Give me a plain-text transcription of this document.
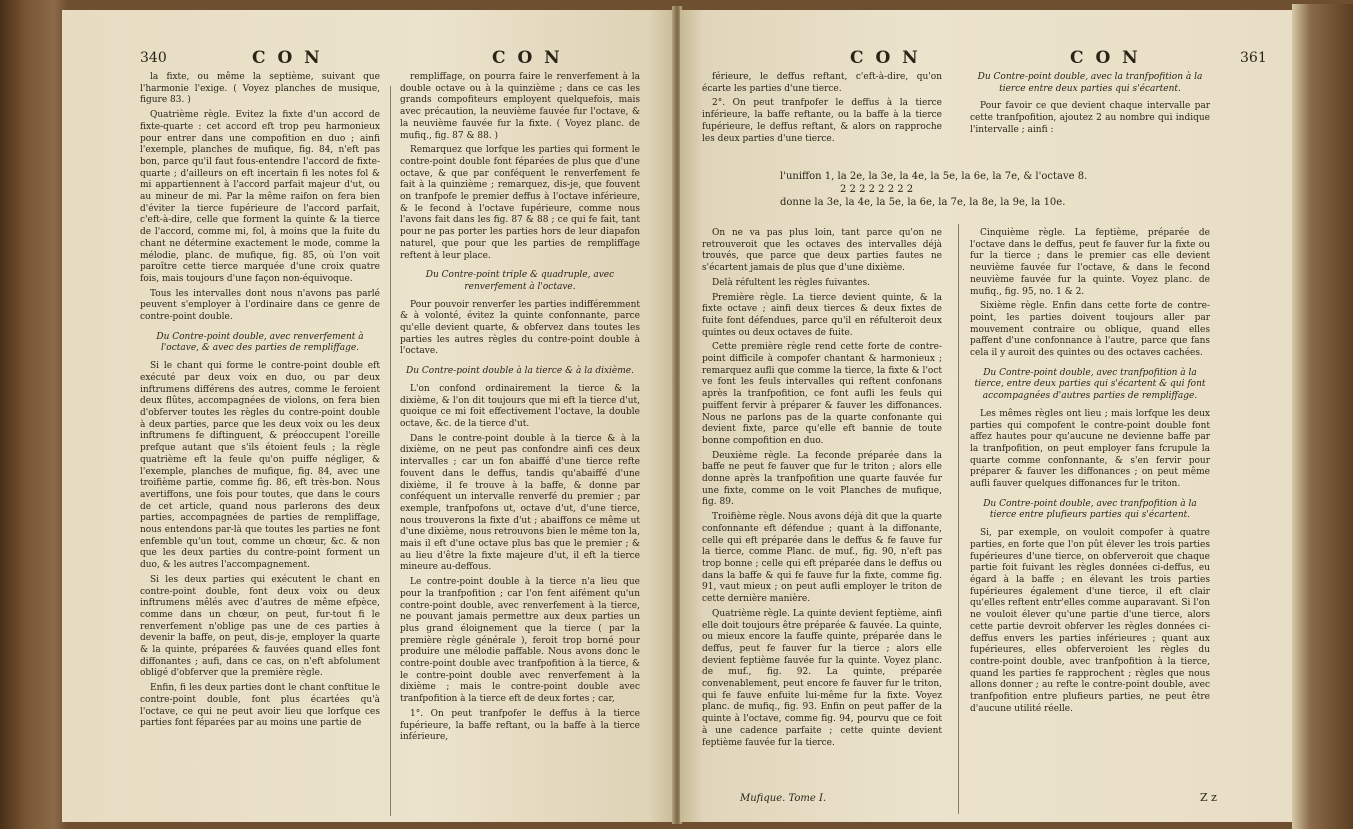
340	C O N	C O N

la fixte, ou même la septième, suivant que l'harmonie l'exige. ( Voyez planches de musique, figure 83. )

Quatrième règle. Evitez la fixte d'un accord de fixte-quarte : cet accord eft trop peu harmonieux pour entrer dans une compofition en duo ; ainfi l'exemple, planches de mufique, fig. 84, n'eft pas bon, parce qu'il faut fous-entendre l'accord de fixte-quarte ; d'ailleurs on eft incertain fi les notes fol & mi appartiennent à l'accord parfait majeur d'ut, ou au mineur de mi. Par la même raifon on fera bien d'éviter la tierce fupérieure de l'accord parfait, c'eft-à-dire, celle que forment la quinte & la tierce de l'accord, comme mi, fol, à moins que la fuite du chant ne détermine exactement le mode, comme la mélodie, planc. de mufique, fig. 85, où l'on voit paroître cette tierce marquée d'une croix quatre fois, mais toujours d'une façon non-équivoque.

Tous les intervalles dont nous n'avons pas parlé peuvent s'employer à l'ordinaire dans ce genre de contre-point double.

Du Contre-point double, avec renverfement à l'octave, & avec des parties de rempliffage.

Si le chant qui forme le contre-point double eft exécuté par deux voix en duo, ou par deux inftrumens différens des autres, comme le feroient deux flûtes, accompagnées de violons, on fera bien d'obferver toutes les règles du contre-point double à deux parties, parce que les deux voix ou les deux inftrumens fe diftinguent, & préoccupent l'oreille prefque autant que s'ils étoient feuls ; la règle quatrième eft la feule qu'on puiffe négliger, & l'exemple, planches de mufique, fig. 84, avec une troifième partie, comme fig. 86, eft très-bon. Nous avertiffons, une fois pour toutes, que dans le cours de cet article, quand nous parlerons des deux parties, accompagnées de parties de rempliffage, nous entendons par-là que toutes les parties ne font enfemble qu'un tout, comme un chœur, &c. & non que les deux parties du contre-point forment un duo, & les autres l'accompagnement.

Si les deux parties qui exécutent le chant en contre-point double, font deux voix ou deux inftrumens mêlés avec d'autres de même efpèce, comme dans un chœur, on peut, fur-tout fi le renverfement n'oblige pas une de ces parties à devenir la baffe, on peut, dis-je, employer la quarte & la quinte, préparées & fauvées quand elles font diffonantes ; aufi, dans ce cas, on n'eft abfolument obligé d'obferver que la première règle.

Enfin, fi les deux parties dont le chant conftitue le contre-point double, font plus écartées qu'à l'octave, ce qui ne peut avoir lieu que lorfque ces parties font féparées par au moins une partie de

rempliffage, on pourra faire le renverfement à la double octave ou à la quinzième ; dans ce cas les grands compofiteurs employent quelquefois, mais avec précaution, la neuvième fauvée fur l'octave, & la neuvième fauvée fur la fixte. ( Voyez planc. de mufiq., fig. 87 & 88. )

Remarquez que lorfque les parties qui forment le contre-point double font féparées de plus que d'une octave, & que par conféquent le renverfement fe fait à la quinzième ; remarquez, dis-je, que fouvent on tranfpofe le premier deffus à l'octave inférieure, & le fecond à l'octave fupérieure, comme nous l'avons fait dans les fig. 87 & 88 ; ce qui fe fait, tant pour ne pas porter les parties hors de leur diapafon naturel, que pour que les parties de rempliffage reftent à leur place.

Du Contre-point triple & quadruple, avec renverfement à l'octave.

Pour pouvoir renverfer les parties indifféremment & à volonté, évitez la quinte confonnante, parce qu'elle devient quarte, & obfervez dans toutes les parties les autres règles du contre-point double à l'octave.

Du Contre-point double à la tierce & à la dixième.

L'on confond ordinairement la tierce & la dixième, & l'on dit toujours que mi eft la tierce d'ut, quoique ce mi foit effectivement l'octave, la double octave, &c. de la tierce d'ut.

Dans le contre-point double à la tierce & à la dixième, on ne peut pas confondre ainfi ces deux intervalles ; car un fon abaiffé d'une tierce refte fouvent dans le deffus, tandis qu'abaiffé d'une dixième, il fe trouve à la baffe, & donne par conféquent un intervalle renverfé du premier ; par exemple, tranfpofons ut, octave d'ut, d'une tierce, nous trouverons la fixte d'ut ; abaiffons ce même ut d'une dixième, nous retrouvons bien le même ton la, mais il eft d'une octave plus bas que le premier ; & au lieu d'être la fixte majeure d'ut, il eft la tierce mineure au-deffous.

Le contre-point double à la tierce n'a lieu que pour la tranfpofition ; car l'on fent aifément qu'un contre-point double, avec renverfement à la tierce, ne pouvant jamais permettre aux deux parties un plus grand éloignement que la tierce ( par la première règle générale ), feroit trop borné pour produire une mélodie paffable. Nous avons donc le contre-point double avec tranfpofition à la tierce, & le contre-point double avec renverfement à la dixième ; mais le contre-point double avec tranfpofition à la tierce eft de deux fortes ; car,

1°. On peut tranfpofer le deffus à la tierce fupérieure, la baffe reftant, ou la baffe à la tierce inférieure,

C O N	C O N	361

férieure, le deffus reftant, c'eft-à-dire, qu'on écarte les parties d'une tierce.

2°. On peut tranfpofer le deffus à la tierce inférieure, la baffe reftante, ou la baffe à la tierce fupérieure, le deffus reftant, & alors on rapproche les deux parties d'une tierce.

Du Contre-point double, avec la tranfpofition à la tierce entre deux parties qui s'écartent.

Pour favoir ce que devient chaque intervalle par cette tranfpofition, ajoutez 2 au nombre qui indique l'intervalle ; ainfi :

l'uniffon 1, la 2e, la 3e, la 4e, la 5e, la 6e, la 7e, & l'octave 8.
2 2 2 2 2 2 2 2
donne la 3e, la 4e, la 5e, la 6e, la 7e, la 8e, la 9e, la 10e.

On ne va pas plus loin, tant parce qu'on ne retrouveroit que les octaves des intervalles déjà trouvés, que parce que deux parties fautes ne s'écartent jamais de plus que d'une dixième.

Delà réfultent les règles fuivantes.

Première règle. La tierce devient quinte, & la fixte octave ; ainfi deux tierces & deux fixtes de fuite font défendues, parce qu'il en réfulteroit deux quintes ou deux octaves de fuite.

Cette première règle rend cette forte de contre-point difficile à compofer chantant & harmonieux ; remarquez aufli que comme la tierce, la fixte & l'oct ve font les feuls intervalles qui reftent confonans après la tranfpofition, ce font aufli les feuls qui puiffent fervir à préparer & fauver les diffonances. Nous ne parlons pas de la quarte confonante qui devient fixte, parce qu'elle eft bannie de toute bonne compofition en duo.

Deuxième règle. La feconde préparée dans la baffe ne peut fe fauver que fur le triton ; alors elle donne après la tranfpofition une quarte fauvée fur une fixte, comme on le voit Planches de mufique, fig. 89.

Troifième règle. Nous avons déjà dit que la quarte confonnante eft défendue ; quant à la diffonante, celle qui eft préparée dans le deffus & fe fauve fur la tierce, comme Planc. de muf., fig. 90, n'eft pas trop bonne ; celle qui eft préparée dans le deffus ou dans la baffe & qui fe fauve fur la fixte, comme fig. 91, vaut mieux ; on peut aufli employer le triton de cette dernière manière.

Quatrième règle. La quinte devient feptième, ainfi elle doit toujours être préparée & fauvée. La quinte, ou mieux encore la fauffe quinte, préparée dans le deffus, peut fe fauver fur la tierce ; alors elle devient feptième fauvée fur la quinte. Voyez planc. de muf., fig. 92. La quinte, préparée convenablement, peut encore fe fauver fur le triton, qui fe fauve enfuite lui-même fur la fixte. Voyez planc. de mufiq., fig. 93. Enfin on peut paffer de la quinte à l'octave, comme fig. 94, pourvu que ce foit à une cadence parfaite ; cette quinte devient feptième fauvée fur la tierce.

Cinquième règle. La feptième, préparée de l'octave dans le deffus, peut fe fauver fur la fixte ou fur la tierce ; dans le premier cas elle devient neuvième fauvée fur l'octave, & dans le fecond neuvième fauvée fur la quinte. Voyez planc. de mufiq., fig. 95, no. 1 & 2.

Sixième règle. Enfin dans cette forte de contre-point, les parties doivent toujours aller par mouvement contraire ou oblique, quand elles paffent d'une confonnance à l'autre, parce que fans cela il y auroit des quintes ou des octaves cachées.

Du Contre-point double, avec tranfpofition à la tierce, entre deux parties qui s'écartent & qui font accompagnées d'autres parties de rempliffage.

Les mêmes règles ont lieu ; mais lorfque les deux parties qui compofent le contre-point double font affez hautes pour qu'aucune ne devienne baffe par la tranfpofition, on peut employer fans fcrupule la quarte comme confonnante, & s'en fervir pour préparer & fauver les diffonances ; on peut même aufli fauver quelques diffonances fur le triton.

Du Contre-point double, avec tranfpofition à la tierce entre plufieurs parties qui s'écartent.

Si, par exemple, on vouloit compofer à quatre parties, en forte que l'on pût élever les trois parties fupérieures d'une tierce, on obferveroit que chaque partie foit fuivant les règles données ci-deffus, eu égard à la baffe ; en élevant les trois parties fupérieures également d'une tierce, il eft clair qu'elles reftent entr'elles comme auparavant. Si l'on ne vouloit élever qu'une partie d'une tierce, alors cette partie devroit obferver les règles données ci-deffus envers les parties inférieures ; quant aux fupérieures, elles obferveroient les règles du contre-point double, avec tranfpofition à la tierce, quand les parties fe rapprochent ; règles que nous allons donner ; au refte le contre-point double, avec tranfpofition entre plufieurs parties, ne peut être d'aucune utilité réelle.

Mufique. Tome I.	Z z
